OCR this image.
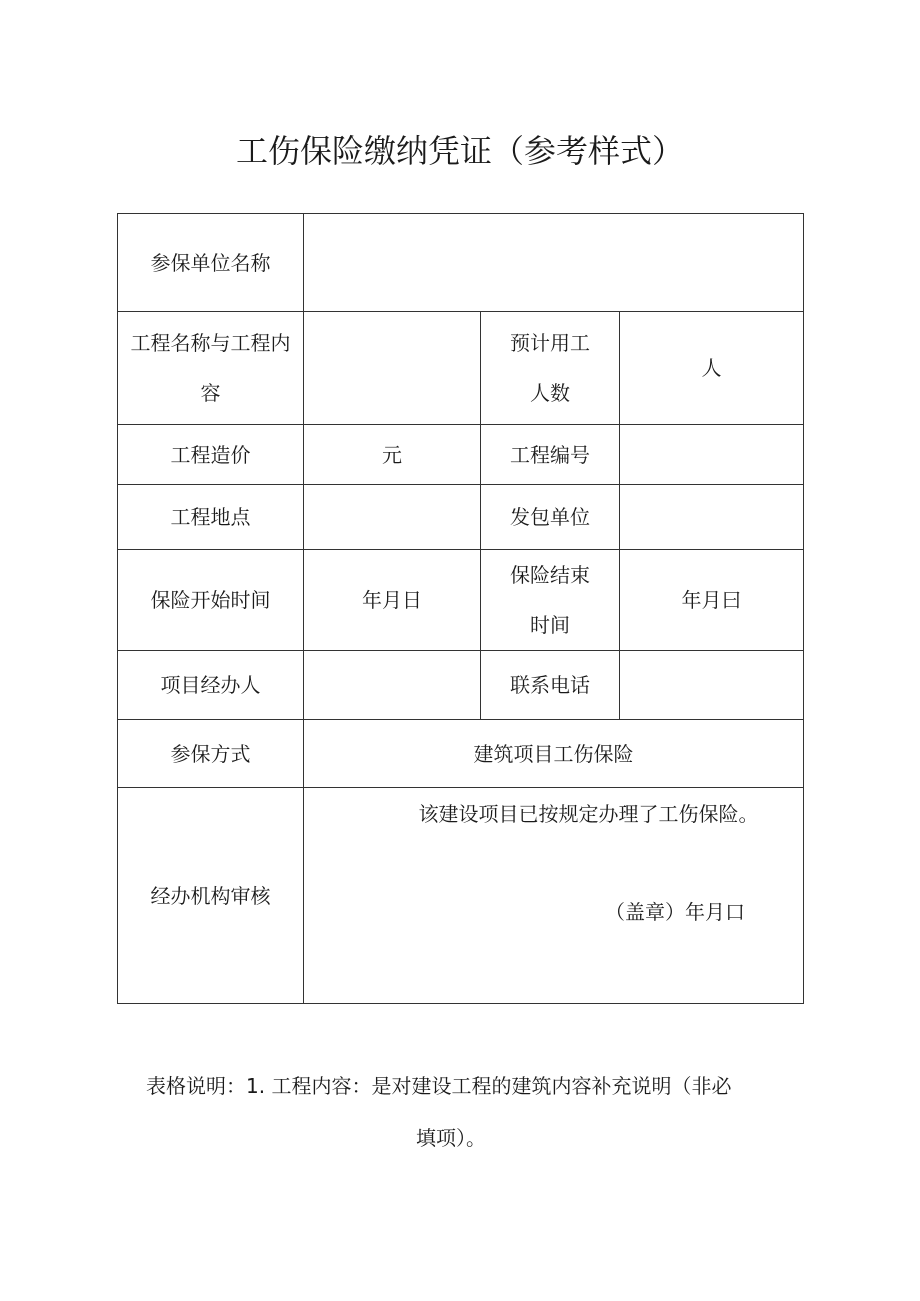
工伤保险缴纳凭证（参考样式）
参保单位名称			
工程名称与工程内容		预计用工人数	人
工程造价	元	工程编号	
工程地点		发包单位	
保险开始时间	年月日	保险结束时间	年月曰
项目经办人		联系电话	
参保方式	建筑项目工伤保险		
经办机构审核	该建设项目已按规定办理了工伤保险。
（盖章）年月口		
表格说明：1. 工程内容：是对建设工程的建筑内容补充说明（非必
填项）。
